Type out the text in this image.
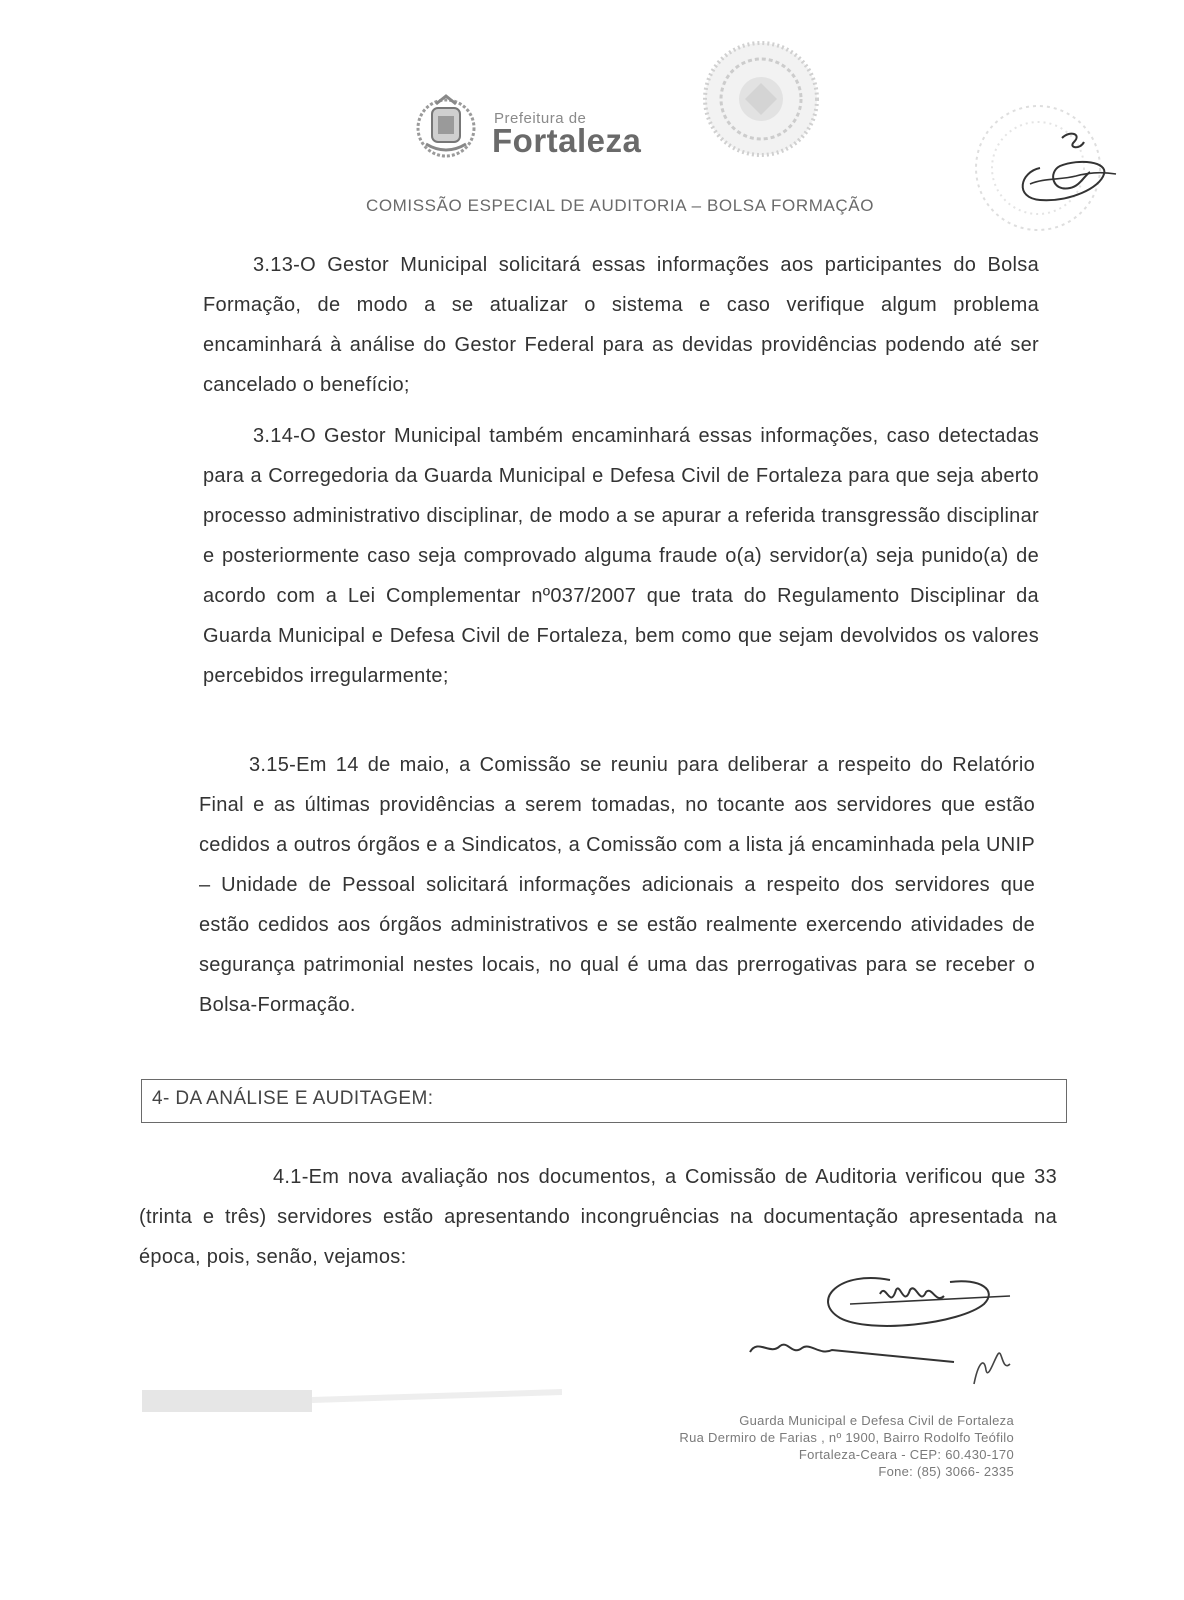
Prefeitura de
Fortaleza
COMISSÃO ESPECIAL DE AUDITORIA – BOLSA FORMAÇÃO

3.13-O Gestor Municipal solicitará essas informações aos participantes do Bolsa Formação, de modo a se atualizar o sistema e caso verifique algum problema encaminhará à análise do Gestor Federal para as devidas providências podendo até ser cancelado o benefício;

3.14-O Gestor Municipal também encaminhará essas informações, caso detectadas para a Corregedoria da Guarda Municipal e Defesa Civil de Fortaleza para que seja aberto processo administrativo disciplinar, de modo a se apurar a referida transgressão disciplinar e posteriormente caso seja comprovado alguma fraude o(a) servidor(a) seja punido(a) de acordo com a Lei Complementar nº037/2007 que trata do Regulamento Disciplinar da Guarda Municipal e Defesa Civil de Fortaleza, bem como que sejam devolvidos os valores percebidos irregularmente;

3.15-Em 14 de maio, a Comissão se reuniu para deliberar a respeito do Relatório Final e as últimas providências a serem tomadas, no tocante aos servidores que estão cedidos a outros órgãos e a Sindicatos, a Comissão com a lista já encaminhada pela UNIP – Unidade de Pessoal solicitará informações adicionais a respeito dos servidores que estão cedidos aos órgãos administrativos e se estão realmente exercendo atividades de segurança patrimonial nestes locais, no qual é uma das prerrogativas para se receber o Bolsa-Formação.

4- DA ANÁLISE E AUDITAGEM:

4.1-Em nova avaliação nos documentos, a Comissão de Auditoria verificou que 33 (trinta e três) servidores estão apresentando incongruências na documentação apresentada na época, pois, senão, vejamos:

Guarda Municipal e Defesa Civil de Fortaleza
Rua Dermiro de Farias , nº 1900, Bairro Rodolfo Teófilo
Fortaleza-Ceara - CEP: 60.430-170
Fone: (85) 3066- 2335
